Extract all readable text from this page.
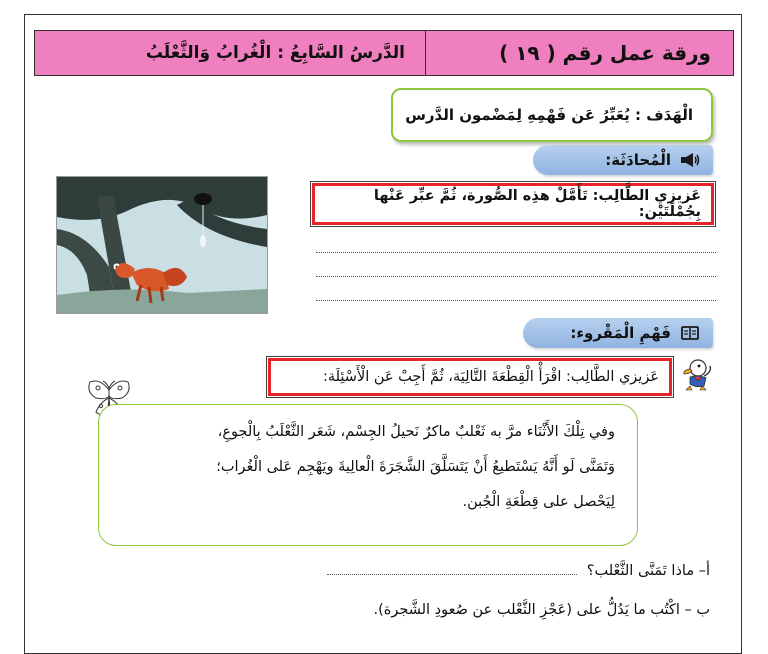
الدَّرسُ السَّابِعُ : الْغُرابُ وَالثَّعْلَبُ	ورقة عمل رقم ( ١٩ )
الْهَدَف : يُعَبِّرُ عَن فَهْمِهِ لِمَضْمون الدَّرس
الْمُحادَثَة:
عَزيزي الطَّالِب: تَأَمَّلْ هذِه الصُّورة، ثُمَّ عبِّر عَنْها بِجُمْلَتَيْن:
فَهْمِ الْمَقْروء:
عَزيزي الطَّالِب: اقْرَأْ الْقِطْعَةَ التَّالِيَة، ثُمَّ أَجِبْ عَن الْأَسْئِلَة:

وفي تِلْكَ الأَثْنَاء مرَّ به ثَعْلبٌ ماكرٌ نَحيلُ الجِسْم، شَعَر الثَّعْلَبُ بِالْجوعِ،

وَتَمَنَّى لَو أَنَّهُ يَسْتَطيعُ أَنْ يَتَسَلَّقَ الشَّجَرَةَ الْعالِيةَ ويَهْجِم عَلى الْغُراب؛

لِيَحْصل على قِطْعَةِ الْجُبن.

أ– ماذا تَمَنَّى الثَّعْلب؟
ب – اكْتُب ما يَدُلُّ على (عَجْزِ الثَّعْلب عن صُعودِ الشَّجرة).
